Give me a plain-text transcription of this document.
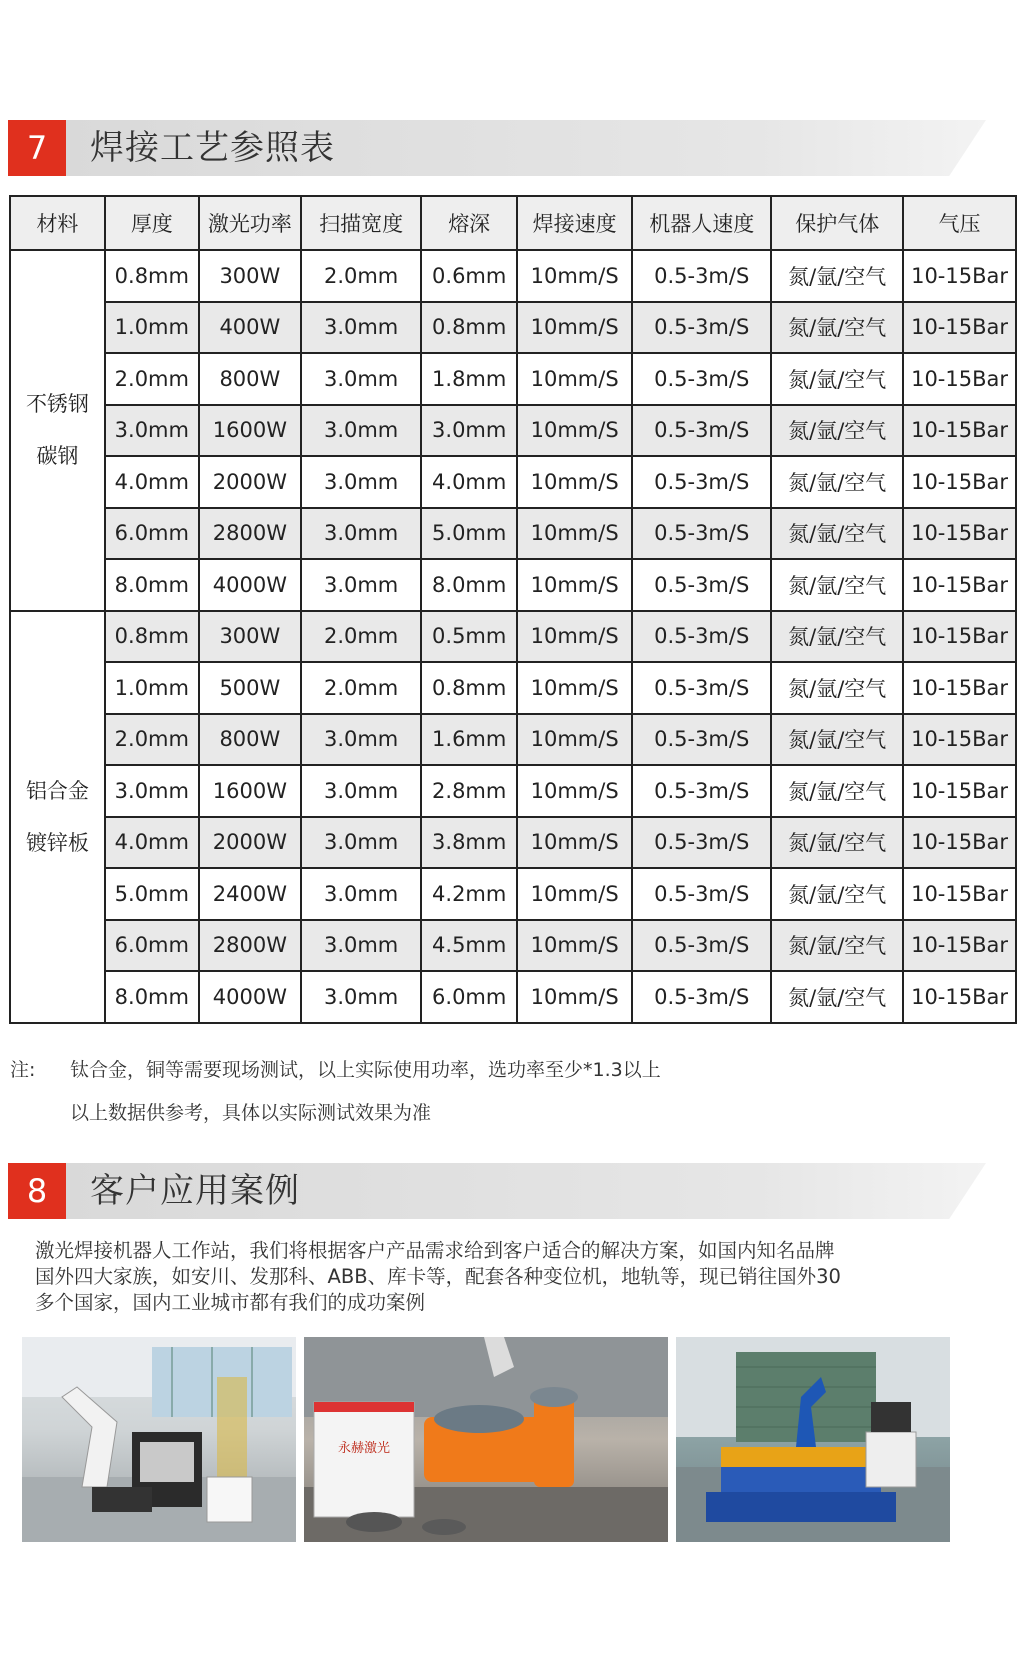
7	焊接工艺参照表
材料	厚度	激光功率	扫描宽度	熔深	焊接速度	机器人速度	保护气体	气压

不锈钢
碳钢	0.8mm	300W	2.0mm	0.6mm	10mm/S	0.5-3m/S	氮/氩/空气	10-15Bar
	1.0mm	400W	3.0mm	0.8mm	10mm/S	0.5-3m/S	氮/氩/空气	10-15Bar
	2.0mm	800W	3.0mm	1.8mm	10mm/S	0.5-3m/S	氮/氩/空气	10-15Bar
	3.0mm	1600W	3.0mm	3.0mm	10mm/S	0.5-3m/S	氮/氩/空气	10-15Bar
	4.0mm	2000W	3.0mm	4.0mm	10mm/S	0.5-3m/S	氮/氩/空气	10-15Bar
	6.0mm	2800W	3.0mm	5.0mm	10mm/S	0.5-3m/S	氮/氩/空气	10-15Bar
	8.0mm	4000W	3.0mm	8.0mm	10mm/S	0.5-3m/S	氮/氩/空气	10-15Bar

铝合金
镀锌板	0.8mm	300W	2.0mm	0.5mm	10mm/S	0.5-3m/S	氮/氩/空气	10-15Bar
	1.0mm	500W	2.0mm	0.8mm	10mm/S	0.5-3m/S	氮/氩/空气	10-15Bar
	2.0mm	800W	3.0mm	1.6mm	10mm/S	0.5-3m/S	氮/氩/空气	10-15Bar
	3.0mm	1600W	3.0mm	2.8mm	10mm/S	0.5-3m/S	氮/氩/空气	10-15Bar
	4.0mm	2000W	3.0mm	3.8mm	10mm/S	0.5-3m/S	氮/氩/空气	10-15Bar
	5.0mm	2400W	3.0mm	4.2mm	10mm/S	0.5-3m/S	氮/氩/空气	10-15Bar
	6.0mm	2800W	3.0mm	4.5mm	10mm/S	0.5-3m/S	氮/氩/空气	10-15Bar
	8.0mm	4000W	3.0mm	6.0mm	10mm/S	0.5-3m/S	氮/氩/空气	10-15Bar
注: 钛合金，铜等需要现场测试，以上实际使用功率，选功率至少*1.3以上
以上数据供参考，具体以实际测试效果为准
8	客户应用案例
激光焊接机器人工作站，我们将根据客户产品需求给到客户适合的解决方案，如国内知名品牌
国外四大家族，如安川、发那科、ABB、库卡等，配套各种变位机，地轨等，现已销往国外30
多个国家，国内工业城市都有我们的成功案例
永赫激光
